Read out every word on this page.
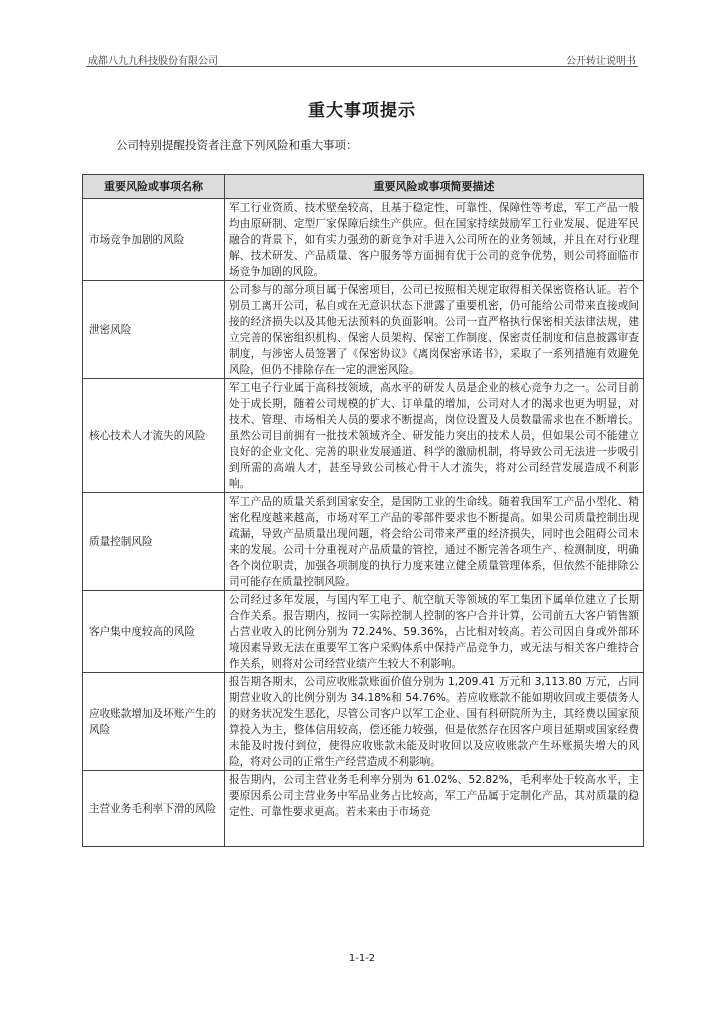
成都八九九科技股份有限公司	公开转让说明书
重大事项提示
公司特别提醒投资者注意下列风险和重大事项：
重要风险或事项名称	重要风险或事项简要描述
市场竞争加剧的风险	军工行业资质、技术壁垒较高，且基于稳定性、可靠性、保障性等考虑，军工产品一般均由原研制、定型厂家保障后续生产供应。但在国家持续鼓励军工行业发展、促进军民融合的背景下，如有实力强劲的新竞争对手进入公司所在的业务领域，并且在对行业理解、技术研发、产品质量、客户服务等方面拥有优于公司的竞争优势，则公司将面临市场竞争加剧的风险。
泄密风险	公司参与的部分项目属于保密项目，公司已按照相关规定取得相关保密资格认证。若个别员工离开公司，私自或在无意识状态下泄露了重要机密，仍可能给公司带来直接或间接的经济损失以及其他无法预料的负面影响。公司一直严格执行保密相关法律法规，建立完善的保密组织机构、保密人员架构、保密工作制度、保密责任制度和信息披露审查制度，与涉密人员签署了《保密协议》《离岗保密承诺书》，采取了一系列措施有效避免风险，但仍不排除存在一定的泄密风险。
核心技术人才流失的风险	军工电子行业属于高科技领域，高水平的研发人员是企业的核心竞争力之一。公司目前处于成长期，随着公司规模的扩大、订单量的增加，公司对人才的渴求也更为明显，对技术、管理、市场相关人员的要求不断提高，岗位设置及人员数量需求也在不断增长。虽然公司目前拥有一批技术领域齐全、研发能力突出的技术人员，但如果公司不能建立良好的企业文化、完善的职业发展通道、科学的激励机制，将导致公司无法进一步吸引到所需的高端人才，甚至导致公司核心骨干人才流失，将对公司经营发展造成不利影响。
质量控制风险	军工产品的质量关系到国家安全，是国防工业的生命线。随着我国军工产品小型化、精密化程度越来越高，市场对军工产品的零部件要求也不断提高。如果公司质量控制出现疏漏，导致产品质量出现问题，将会给公司带来严重的经济损失，同时也会阻碍公司未来的发展。公司十分重视对产品质量的管控，通过不断完善各项生产、检测制度，明确各个岗位职责，加强各项制度的执行力度来建立健全质量管理体系，但依然不能排除公司可能存在质量控制风险。
客户集中度较高的风险	公司经过多年发展，与国内军工电子、航空航天等领域的军工集团下属单位建立了长期合作关系。报告期内，按同一实际控制人控制的客户合并计算，公司前五大客户销售额占营业收入的比例分别为 72.24%、59.36%，占比相对较高。若公司因自身或外部环境因素导致无法在重要军工客户采购体系中保持产品竞争力，或无法与相关客户维持合作关系，则将对公司经营业绩产生较大不利影响。
应收账款增加及坏账产生的风险	报告期各期末，公司应收账款账面价值分别为 1,209.41 万元和 3,113.80 万元，占同期营业收入的比例分别为 34.18%和 54.76%。若应收账款不能如期收回或主要债务人的财务状况发生恶化，尽管公司客户以军工企业、国有科研院所为主，其经费以国家预算投入为主，整体信用较高，偿还能力较强，但是依然存在因客户项目延期或国家经费未能及时拨付到位，使得应收账款未能及时收回以及应收账款产生坏账损失增大的风险，将对公司的正常生产经营造成不利影响。
主营业务毛利率下滑的风险	报告期内，公司主营业务毛利率分别为 61.02%、52.82%，毛利率处于较高水平，主要原因系公司主营业务中军品业务占比较高，军工产品属于定制化产品，其对质量的稳定性、可靠性要求更高。若未来由于市场竞
1-1-2
